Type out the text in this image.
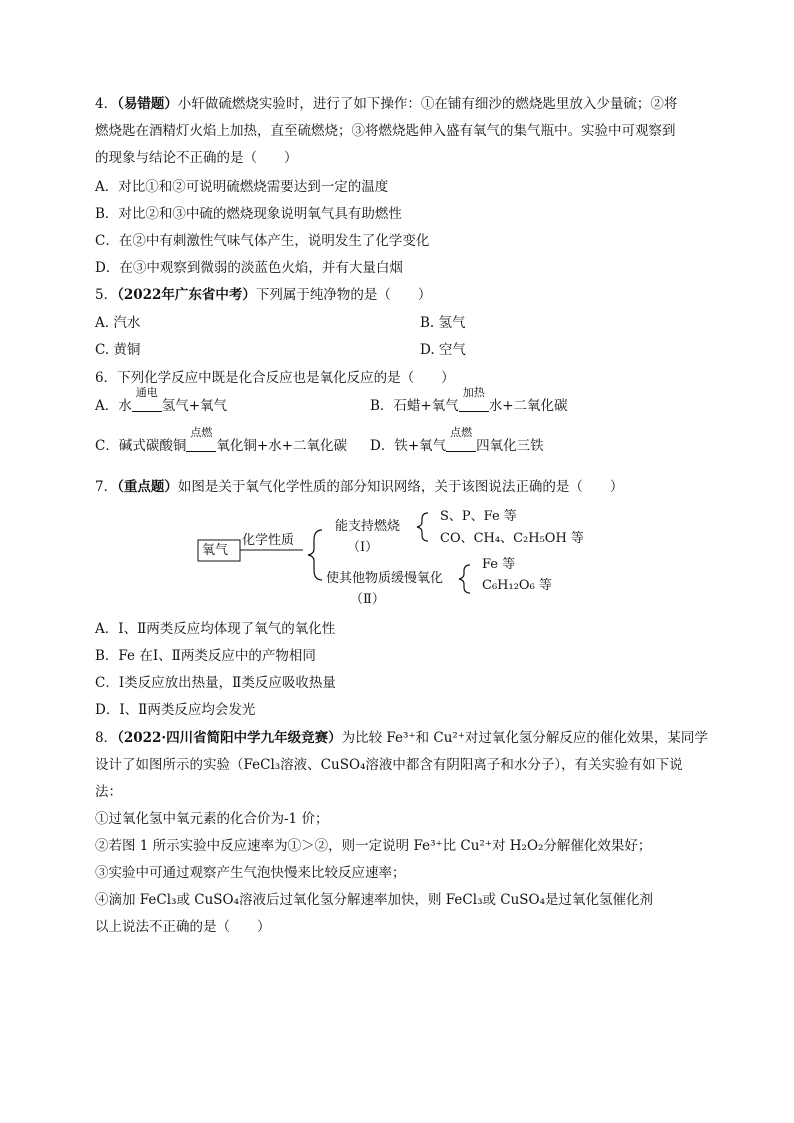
4．（易错题）小轩做硫燃烧实验时，进行了如下操作：①在铺有细沙的燃烧匙里放入少量硫；②将
燃烧匙在酒精灯火焰上加热，直至硫燃烧；③将燃烧匙伸入盛有氧气的集气瓶中。实验中可观察到
的现象与结论不正确的是（　　）
A．对比①和②可说明硫燃烧需要达到一定的温度
B．对比②和③中硫的燃烧现象说明氧气具有助燃性
C．在②中有刺激性气味气体产生，说明发生了化学变化
D．在③中观察到微弱的淡蓝色火焰，并有大量白烟
5．（2022年广东省中考）下列属于纯净物的是（　　）
A. 汽水	B. 氢气
C. 黄铜	D. 空气
6．下列化学反应中既是化合反应也是氧化反应的是（　　）
A．水
通电
氢气+氧气	B．石蜡+氧气
加热
水+二氧化碳
C．碱式碳酸铜
点燃
氧化铜+水+二氧化碳 D．铁+氧气
点燃
四氧化三铁
7．（重点题）如图是关于氧气化学性质的部分知识网络，关于该图说法正确的是（　　）
氧气
化学性质
能支持燃烧
（Ⅰ）
S、P、Fe 等
CO、CH₄、C₂H₅OH 等
使其他物质缓慢氧化
（Ⅱ）
Fe 等
C₆H₁₂O₆ 等
A．Ⅰ、Ⅱ两类反应均体现了氧气的氧化性
B．Fe 在Ⅰ、Ⅱ两类反应中的产物相同
C．Ⅰ类反应放出热量，Ⅱ类反应吸收热量
D．Ⅰ、Ⅱ两类反应均会发光
8．（2022·四川省简阳中学九年级竞赛）为比较 Fe³⁺和 Cu²⁺对过氧化氢分解反应的催化效果，某同学
设计了如图所示的实验（FeCl₃溶液、CuSO₄溶液中都含有阴阳离子和水分子），有关实验有如下说
法：
①过氧化氢中氧元素的化合价为-1 价；
②若图 1 所示实验中反应速率为①＞②，则一定说明 Fe³⁺比 Cu²⁺对 H₂O₂分解催化效果好；
③实验中可通过观察产生气泡快慢来比较反应速率；
④滴加 FeCl₃或 CuSO₄溶液后过氧化氢分解速率加快，则 FeCl₃或 CuSO₄是过氧化氢催化剂
以上说法不正确的是（　　）
